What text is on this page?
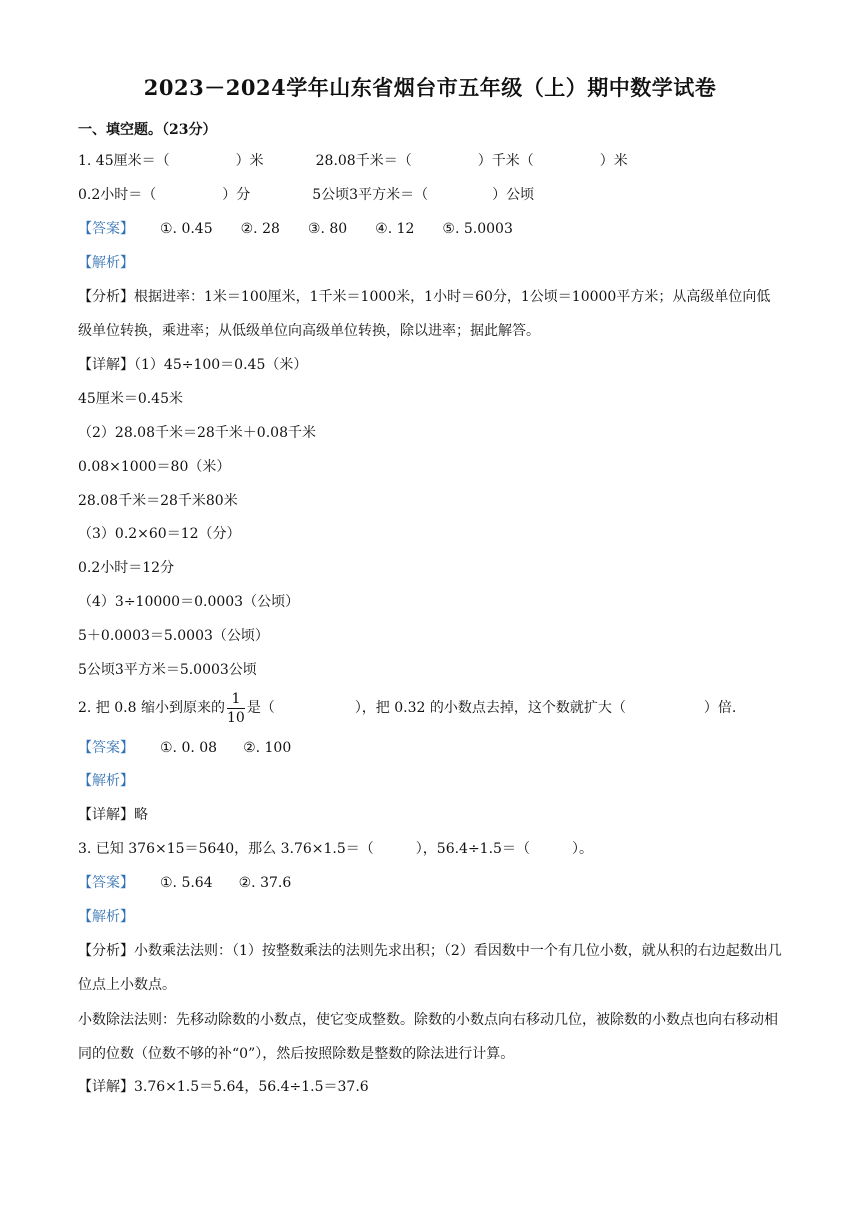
2023－2024学年山东省烟台市五年级（上）期中数学试卷
一、填空题。（23分）
1. 45厘米＝（	）米	28.08千米＝（	）千米（	）米
0.2小时＝（	）分	5公顷3平方米＝（	）公顷
【答案】 ①. 0.45 ②. 28 ③. 80 ④. 12 ⑤. 5.0003
【解析】
【分析】根据进率：1米＝100厘米，1千米＝1000米，1小时＝60分，1公顷＝10000平方米；从高级单位向低级单位转换，乘进率；从低级单位向高级单位转换，除以进率；据此解答。
【详解】（1）45÷100＝0.45（米）
45厘米＝0.45米
（2）28.08千米＝28千米＋0.08千米
0.08×1000＝80（米）
28.08千米＝28千米80米
（3）0.2×60＝12（分）
0.2小时＝12分
（4）3÷10000＝0.0003（公顷）
5＋0.0003＝5.0003（公顷）
5公顷3平方米＝5.0003公顷
2. 把 0.8 缩小到原来的 $\frac{1}{10}$ 是（	），把 0.32 的小数点去掉，这个数就扩大（	）倍.
【答案】 ①. 0. 08 ②. 100
【解析】
【详解】略
3. 已知 376×15＝5640，那么 3.76×1.5＝（	），56.4÷1.5＝（	）。
【答案】 ①. 5.64 ②. 37.6
【解析】
【分析】小数乘法法则：（1）按整数乘法的法则先求出积；（2）看因数中一个有几位小数，就从积的右边起数出几位点上小数点。
小数除法法则：先移动除数的小数点，使它变成整数。除数的小数点向右移动几位，被除数的小数点也向右移动相同的位数（位数不够的补“0”），然后按照除数是整数的除法进行计算。
【详解】3.76×1.5＝5.64，56.4÷1.5＝37.6
